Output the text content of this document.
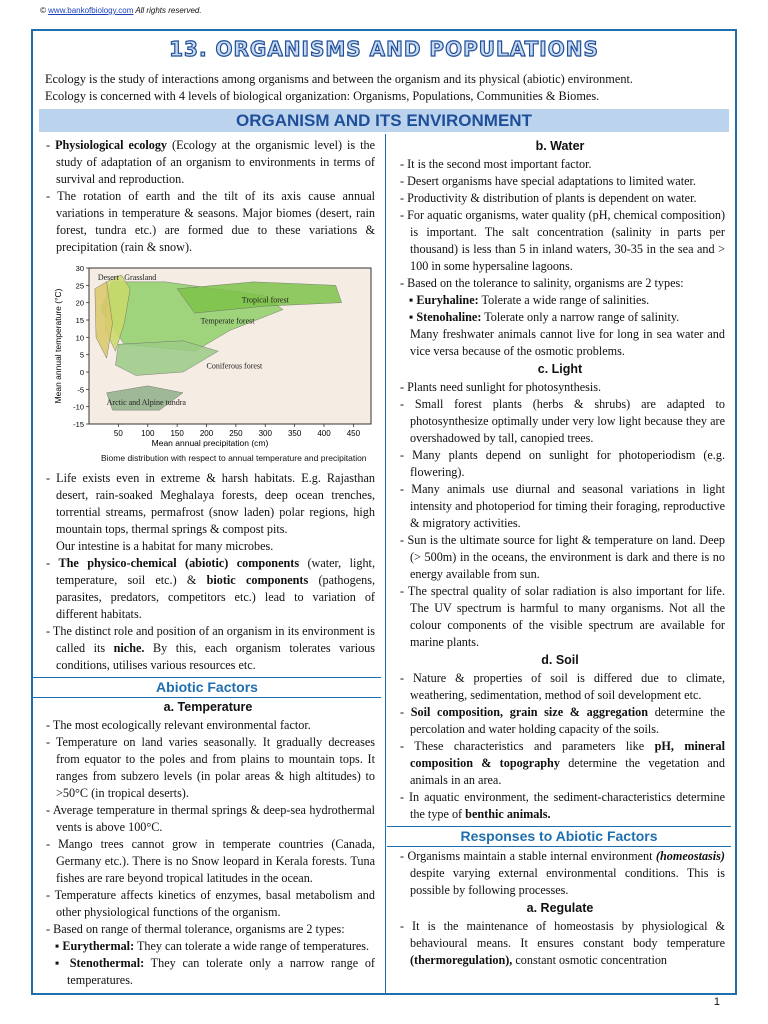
© www.bankofbiology.com All rights reserved.
13. ORGANISMS AND POPULATIONS
Ecology is the study of interactions among organisms and between the organism and its physical (abiotic) environment.
Ecology is concerned with 4 levels of biological organization: Organisms, Populations, Communities & Biomes.
ORGANISM AND ITS ENVIRONMENT

- Physiological ecology (Ecology at the organismic level) is the study of adaptation of an organism to environments in terms of survival and reproduction.

- The rotation of earth and the tilt of its axis cause annual variations in temperature & seasons. Major biomes (desert, rain forest, tundra etc.) are formed due to these variations & precipitation (rain & snow).

Temperate forest
Tropical forest
Coniferous forest
Grassland
Desert
Arctic and Alpine tundra
50 100 150 200 250 300 350 400 450
30
25
20
15
10
5
0
-5
-10
-15
Mean annual precipitation (cm)
Mean annual temperature (°C)
Biome distribution with respect to annual temperature and precipitation

- Life exists even in extreme & harsh habitats. E.g. Rajasthan desert, rain-soaked Meghalaya forests, deep ocean trenches, torrential streams, permafrost (snow laden) polar regions, high mountain tops, thermal springs & compost pits.

Our intestine is a habitat for many microbes.

- The physico-chemical (abiotic) components (water, light, temperature, soil etc.) & biotic components (pathogens, parasites, predators, competitors etc.) lead to variation of different habitats.

- The distinct role and position of an organism in its environment is called its niche. By this, each organism tolerates various conditions, utilises various resources etc.

Abiotic Factors
a. Temperature

- The most ecologically relevant environmental factor.

- Temperature on land varies seasonally. It gradually decreases from equator to the poles and from plains to mountain tops. It ranges from subzero levels (in polar areas & high altitudes) to >50°C (in tropical deserts).

- Average temperature in thermal springs & deep-sea hydrothermal vents is above 100°C.

- Mango trees cannot grow in temperate countries (Canada, Germany etc.). There is no Snow leopard in Kerala forests. Tuna fishes are rare beyond tropical latitudes in the ocean.

- Temperature affects kinetics of enzymes, basal metabolism and other physiological functions of the organism.

- Based on range of thermal tolerance, organisms are 2 types:

▪ Eurythermal: They can tolerate a wide range of temperatures.

▪ Stenothermal: They can tolerate only a narrow range of temperatures.

b. Water

- It is the second most important factor.

- Desert organisms have special adaptations to limited water.

- Productivity & distribution of plants is dependent on water.

- For aquatic organisms, water quality (pH, chemical composition) is important. The salt concentration (salinity in parts per thousand) is less than 5 in inland waters, 30-35 in the sea and > 100 in some hypersaline lagoons.

- Based on the tolerance to salinity, organisms are 2 types:

▪ Euryhaline: Tolerate a wide range of salinities.

▪ Stenohaline: Tolerate only a narrow range of salinity.

Many freshwater animals cannot live for long in sea water and vice versa because of the osmotic problems.

c. Light

- Plants need sunlight for photosynthesis.

- Small forest plants (herbs & shrubs) are adapted to photosynthesize optimally under very low light because they are overshadowed by tall, canopied trees.

- Many plants depend on sunlight for photoperiodism (e.g. flowering).

- Many animals use diurnal and seasonal variations in light intensity and photoperiod for timing their foraging, reproductive & migratory activities.

- Sun is the ultimate source for light & temperature on land. Deep (> 500m) in the oceans, the environment is dark and there is no energy available from sun.

- The spectral quality of solar radiation is also important for life. The UV spectrum is harmful to many organisms. Not all the colour components of the visible spectrum are available for marine plants.

d. Soil

- Nature & properties of soil is differed due to climate, weathering, sedimentation, method of soil development etc.

- Soil composition, grain size & aggregation determine the percolation and water holding capacity of the soils.

- These characteristics and parameters like pH, mineral composition & topography determine the vegetation and animals in an area.

- In aquatic environment, the sediment-characteristics determine the type of benthic animals.

Responses to Abiotic Factors

- Organisms maintain a stable internal environment (homeostasis) despite varying external environmental conditions. This is possible by following processes.

a. Regulate

- It is the maintenance of homeostasis by physiological & behavioural means. It ensures constant body temperature (thermoregulation), constant osmotic concentration

1
